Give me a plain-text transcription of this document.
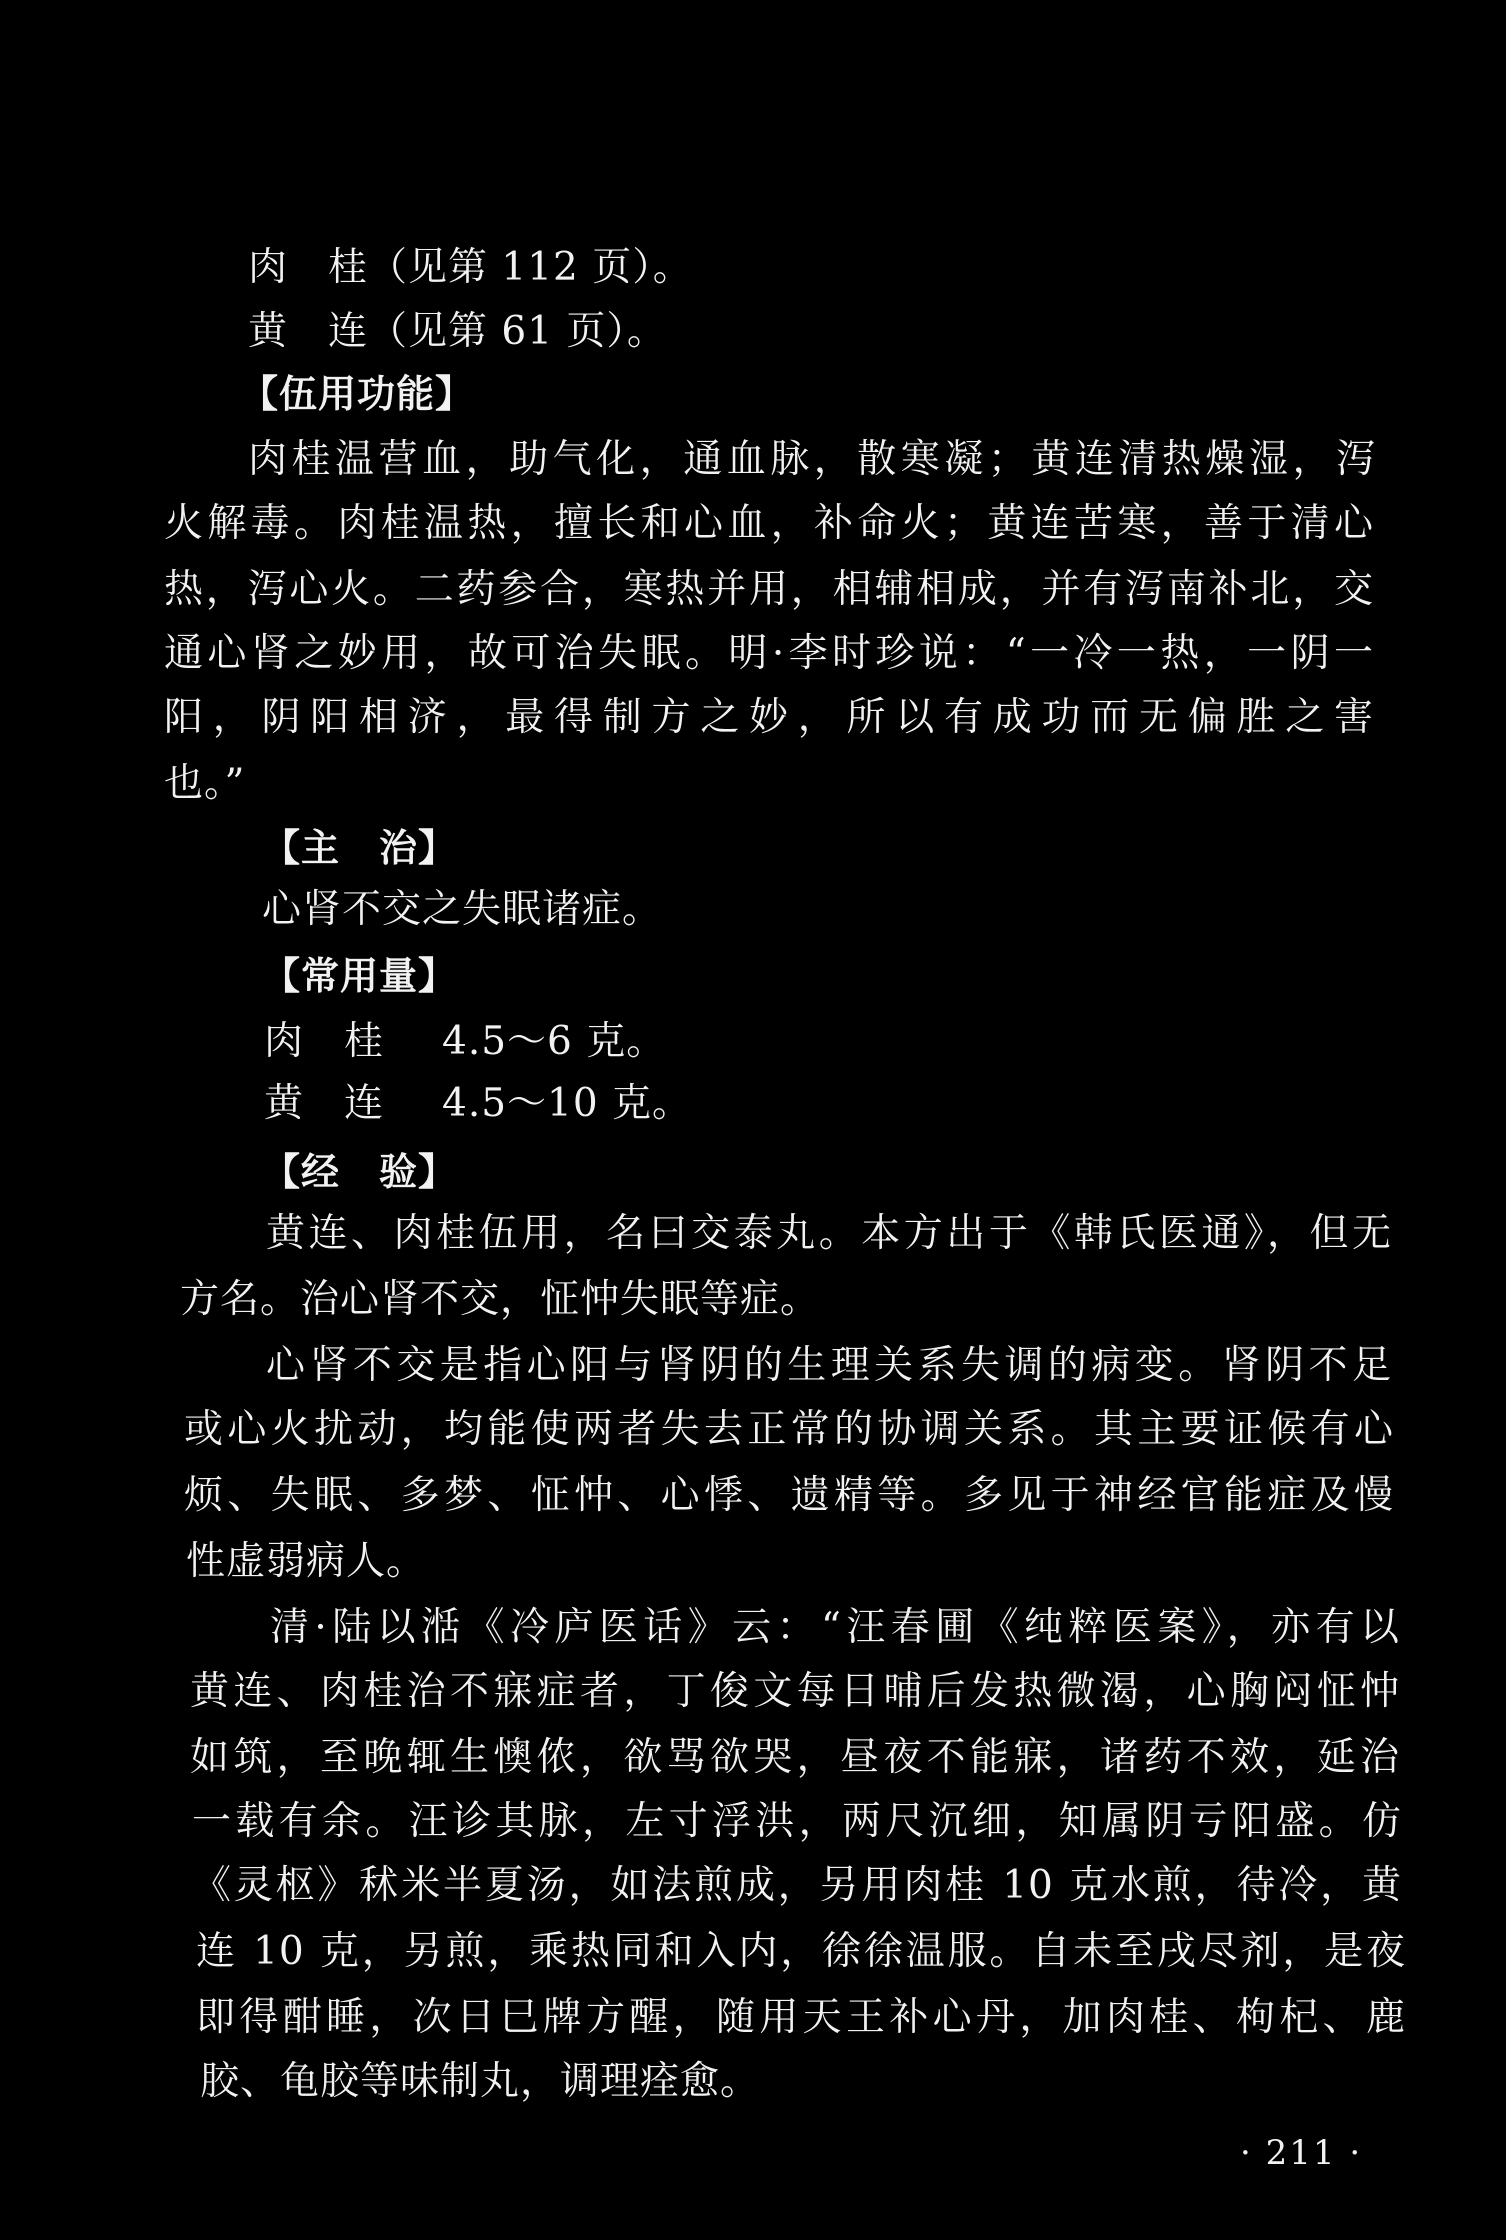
肉　桂（见第 112 页）。

黄　连（见第 61 页）。

【伍用功能】

肉桂温营血，助气化，通血脉，散寒凝；黄连清热燥湿，泻

火解毒。肉桂温热，擅长和心血，补命火；黄连苦寒，善于清心

热，泻心火。二药参合，寒热并用，相辅相成，并有泻南补北，交

通心肾之妙用，故可治失眠。明·李时珍说：“一冷一热，一阴一

阳，阴阳相济，最得制方之妙，所以有成功而无偏胜之害

也。”

【主　治】

心肾不交之失眠诸症。

【常用量】

肉　桂 4.5～6 克。

黄　连 4.5～10 克。

【经　验】

黄连、肉桂伍用，名曰交泰丸。本方出于《韩氏医通》，但无

方名。治心肾不交，怔忡失眠等症。

心肾不交是指心阳与肾阴的生理关系失调的病变。肾阴不足

或心火扰动，均能使两者失去正常的协调关系。其主要证候有心

烦、失眠、多梦、怔忡、心悸、遗精等。多见于神经官能症及慢

性虚弱病人。

清·陆以湉《冷庐医话》云：“汪春圃《纯粹医案》，亦有以

黄连、肉桂治不寐症者，丁俊文每日晡后发热微渴，心胸闷怔忡

如筑，至晚辄生懊侬，欲骂欲哭，昼夜不能寐，诸药不效，延治

一载有余。汪诊其脉，左寸浮洪，两尺沉细，知属阴亏阳盛。仿

《灵枢》秫米半夏汤，如法煎成，另用肉桂 10 克水煎，待冷，黄

连 10 克，另煎，乘热同和入内，徐徐温服。自未至戌尽剂，是夜

即得酣睡，次日巳牌方醒，随用天王补心丹，加肉桂、枸杞、鹿

胶、龟胶等味制丸，调理痊愈。

· 211 ·
